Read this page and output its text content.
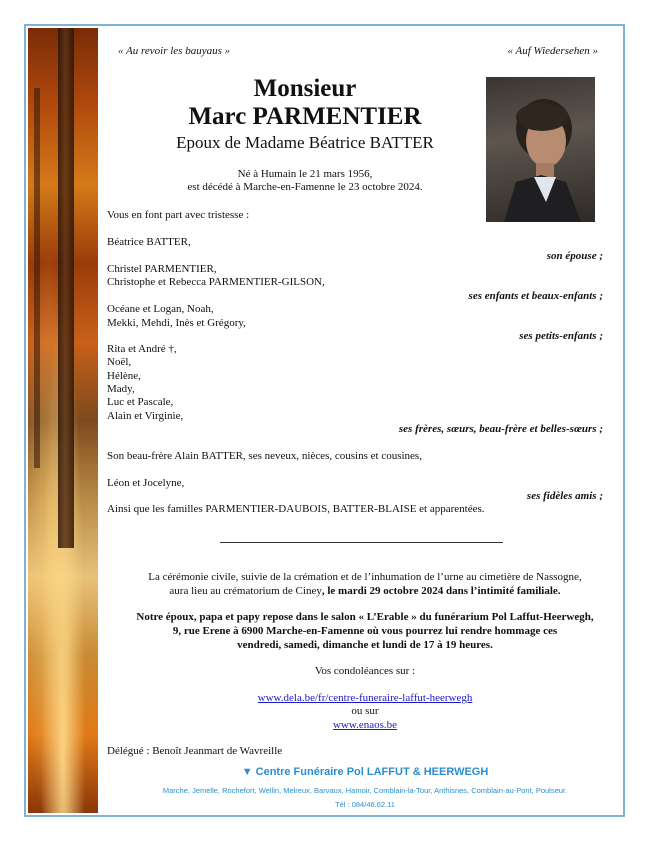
« Au revoir les bauyaus »	« Auf Wiedersehen »
Monsieur
Marc PARMENTIER
Epoux de Madame Béatrice BATTER
Né à Humain le 21 mars 1956,
est décédé à Marche-en-Famenne le 23 octobre 2024.
Vous en font part avec tristesse :
Béatrice BATTER,
son épouse ;
Christel PARMENTIER,
Christophe et Rebecca PARMENTIER-GILSON,
ses enfants et beaux-enfants ;
Océane et Logan, Noah,
Mekki, Mehdi, Inès et Grégory,
ses petits-enfants ;
Rita et André †,
Noël,
Hélène,
Mady,
Luc et Pascale,
Alain et Virginie,
ses frères, sœurs, beau-frère et belles-sœurs ;
Son beau-frère Alain BATTER, ses neveux, nièces, cousins et cousines,
Léon et Jocelyne,
ses fidèles amis ;
Ainsi que les familles PARMENTIER-DAUBOIS, BATTER-BLAISE et apparentées.
La cérémonie civile, suivie de la crémation et de l’inhumation de l’urne au cimetière de Nassogne,
aura lieu au crématorium de Ciney, le mardi 29 octobre 2024 dans l’intimité familiale.
Notre époux, papa et papy repose dans le salon « L’Erable » du funérarium Pol Laffut-Heerwegh,
9, rue Erene à 6900 Marche-en-Famenne où vous pourrez lui rendre hommage ces
vendredi, samedi, dimanche et lundi de 17 à 19 heures.
Vos condoléances sur :
www.dela.be/fr/centre-funeraire-laffut-heerwegh
ou sur
www.enaos.be
Délégué : Benoît Jeanmart de Wavreille
▼ Centre Funéraire Pol LAFFUT & HEERWEGH
Marche, Jemelle, Rochefort, Wellin, Melreux, Barvaux, Hamoir, Comblain-la-Tour, Anthisnes, Comblain-au-Pont, Poulseur.
Tél : 084/46.62.11
